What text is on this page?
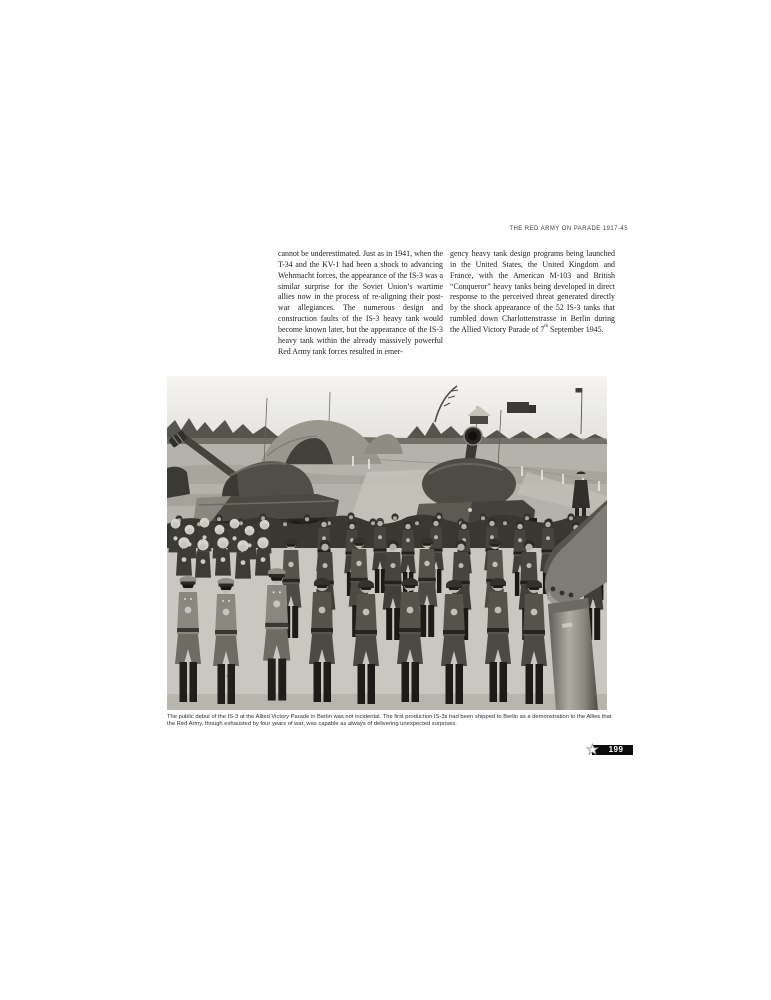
THE RED ARMY ON PARADE 1917-45

cannot be underestimated. Just as in 1941, when the T-34 and the KV-1 had been a shock to advancing Wehrmacht forces, the appearance of the IS-3 was a similar surprise for the Soviet Union’s wartime allies now in the process of re-aligning their post-war allegiances. The numerous design and construction faults of the IS-3 heavy tank would become known later, but the appearance of the IS-3 heavy tank within the already massively powerful Red Army tank forces resulted in emer-

gency heavy tank design programs being launched in the United States, the United Kingdom and France, with the American M-103 and British “Conqueror” heavy tanks being developed in direct response to the perceived threat generated directly by the shock appearance of the 52 IS-3 tanks that rumbled down Charlottenstrasse in Berlin during the Allied Victory Parade of 7th September 1945.

The public debut of the IS-3 at the Allied Victory Parade in Berlin was not incidental. The first production IS-3s had been shipped to Berlin as a demonstration to the Allies that the Red Army, though exhausted by four years of war, was capable as always of delivering unexpected surprises.
199
